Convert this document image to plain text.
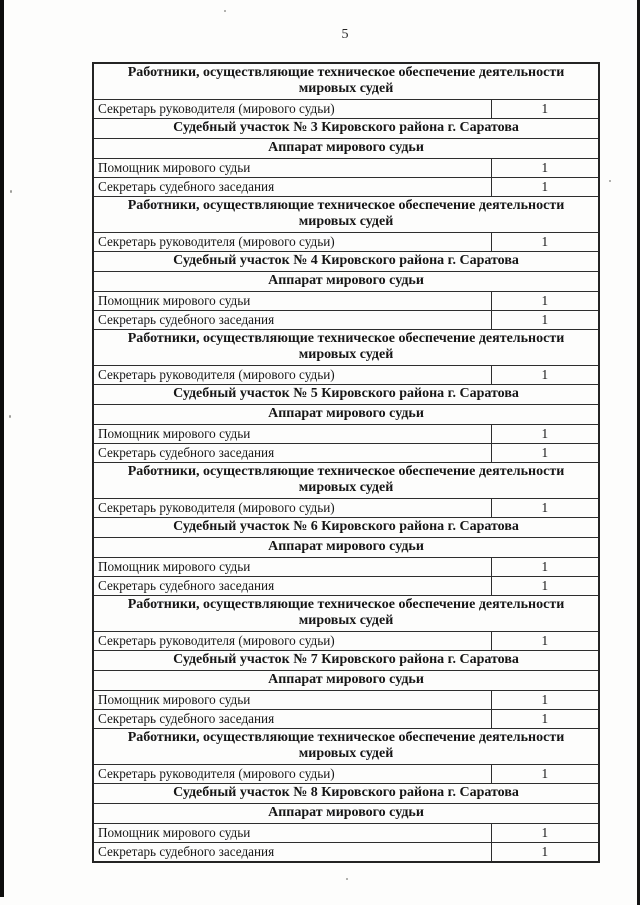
5
Работники, осуществляющие техническое обеспечение деятельности мировых судей	
Секретарь руководителя (мирового судьи)	1
Судебный участок № 3 Кировского района г. Саратова	
Аппарат мирового судьи	
Помощник мирового судьи	1
Секретарь судебного заседания	1
Работники, осуществляющие техническое обеспечение деятельности мировых судей	
Секретарь руководителя (мирового судьи)	1
Судебный участок № 4 Кировского района г. Саратова	
Аппарат мирового судьи	
Помощник мирового судьи	1
Секретарь судебного заседания	1
Работники, осуществляющие техническое обеспечение деятельности мировых судей	
Секретарь руководителя (мирового судьи)	1
Судебный участок № 5 Кировского района г. Саратова	
Аппарат мирового судьи	
Помощник мирового судьи	1
Секретарь судебного заседания	1
Работники, осуществляющие техническое обеспечение деятельности мировых судей	
Секретарь руководителя (мирового судьи)	1
Судебный участок № 6 Кировского района г. Саратова	
Аппарат мирового судьи	
Помощник мирового судьи	1
Секретарь судебного заседания	1
Работники, осуществляющие техническое обеспечение деятельности мировых судей	
Секретарь руководителя (мирового судьи)	1
Судебный участок № 7 Кировского района г. Саратова	
Аппарат мирового судьи	
Помощник мирового судьи	1
Секретарь судебного заседания	1
Работники, осуществляющие техническое обеспечение деятельности мировых судей	
Секретарь руководителя (мирового судьи)	1
Судебный участок № 8 Кировского района г. Саратова	
Аппарат мирового судьи	
Помощник мирового судьи	1
Секретарь судебного заседания	1
